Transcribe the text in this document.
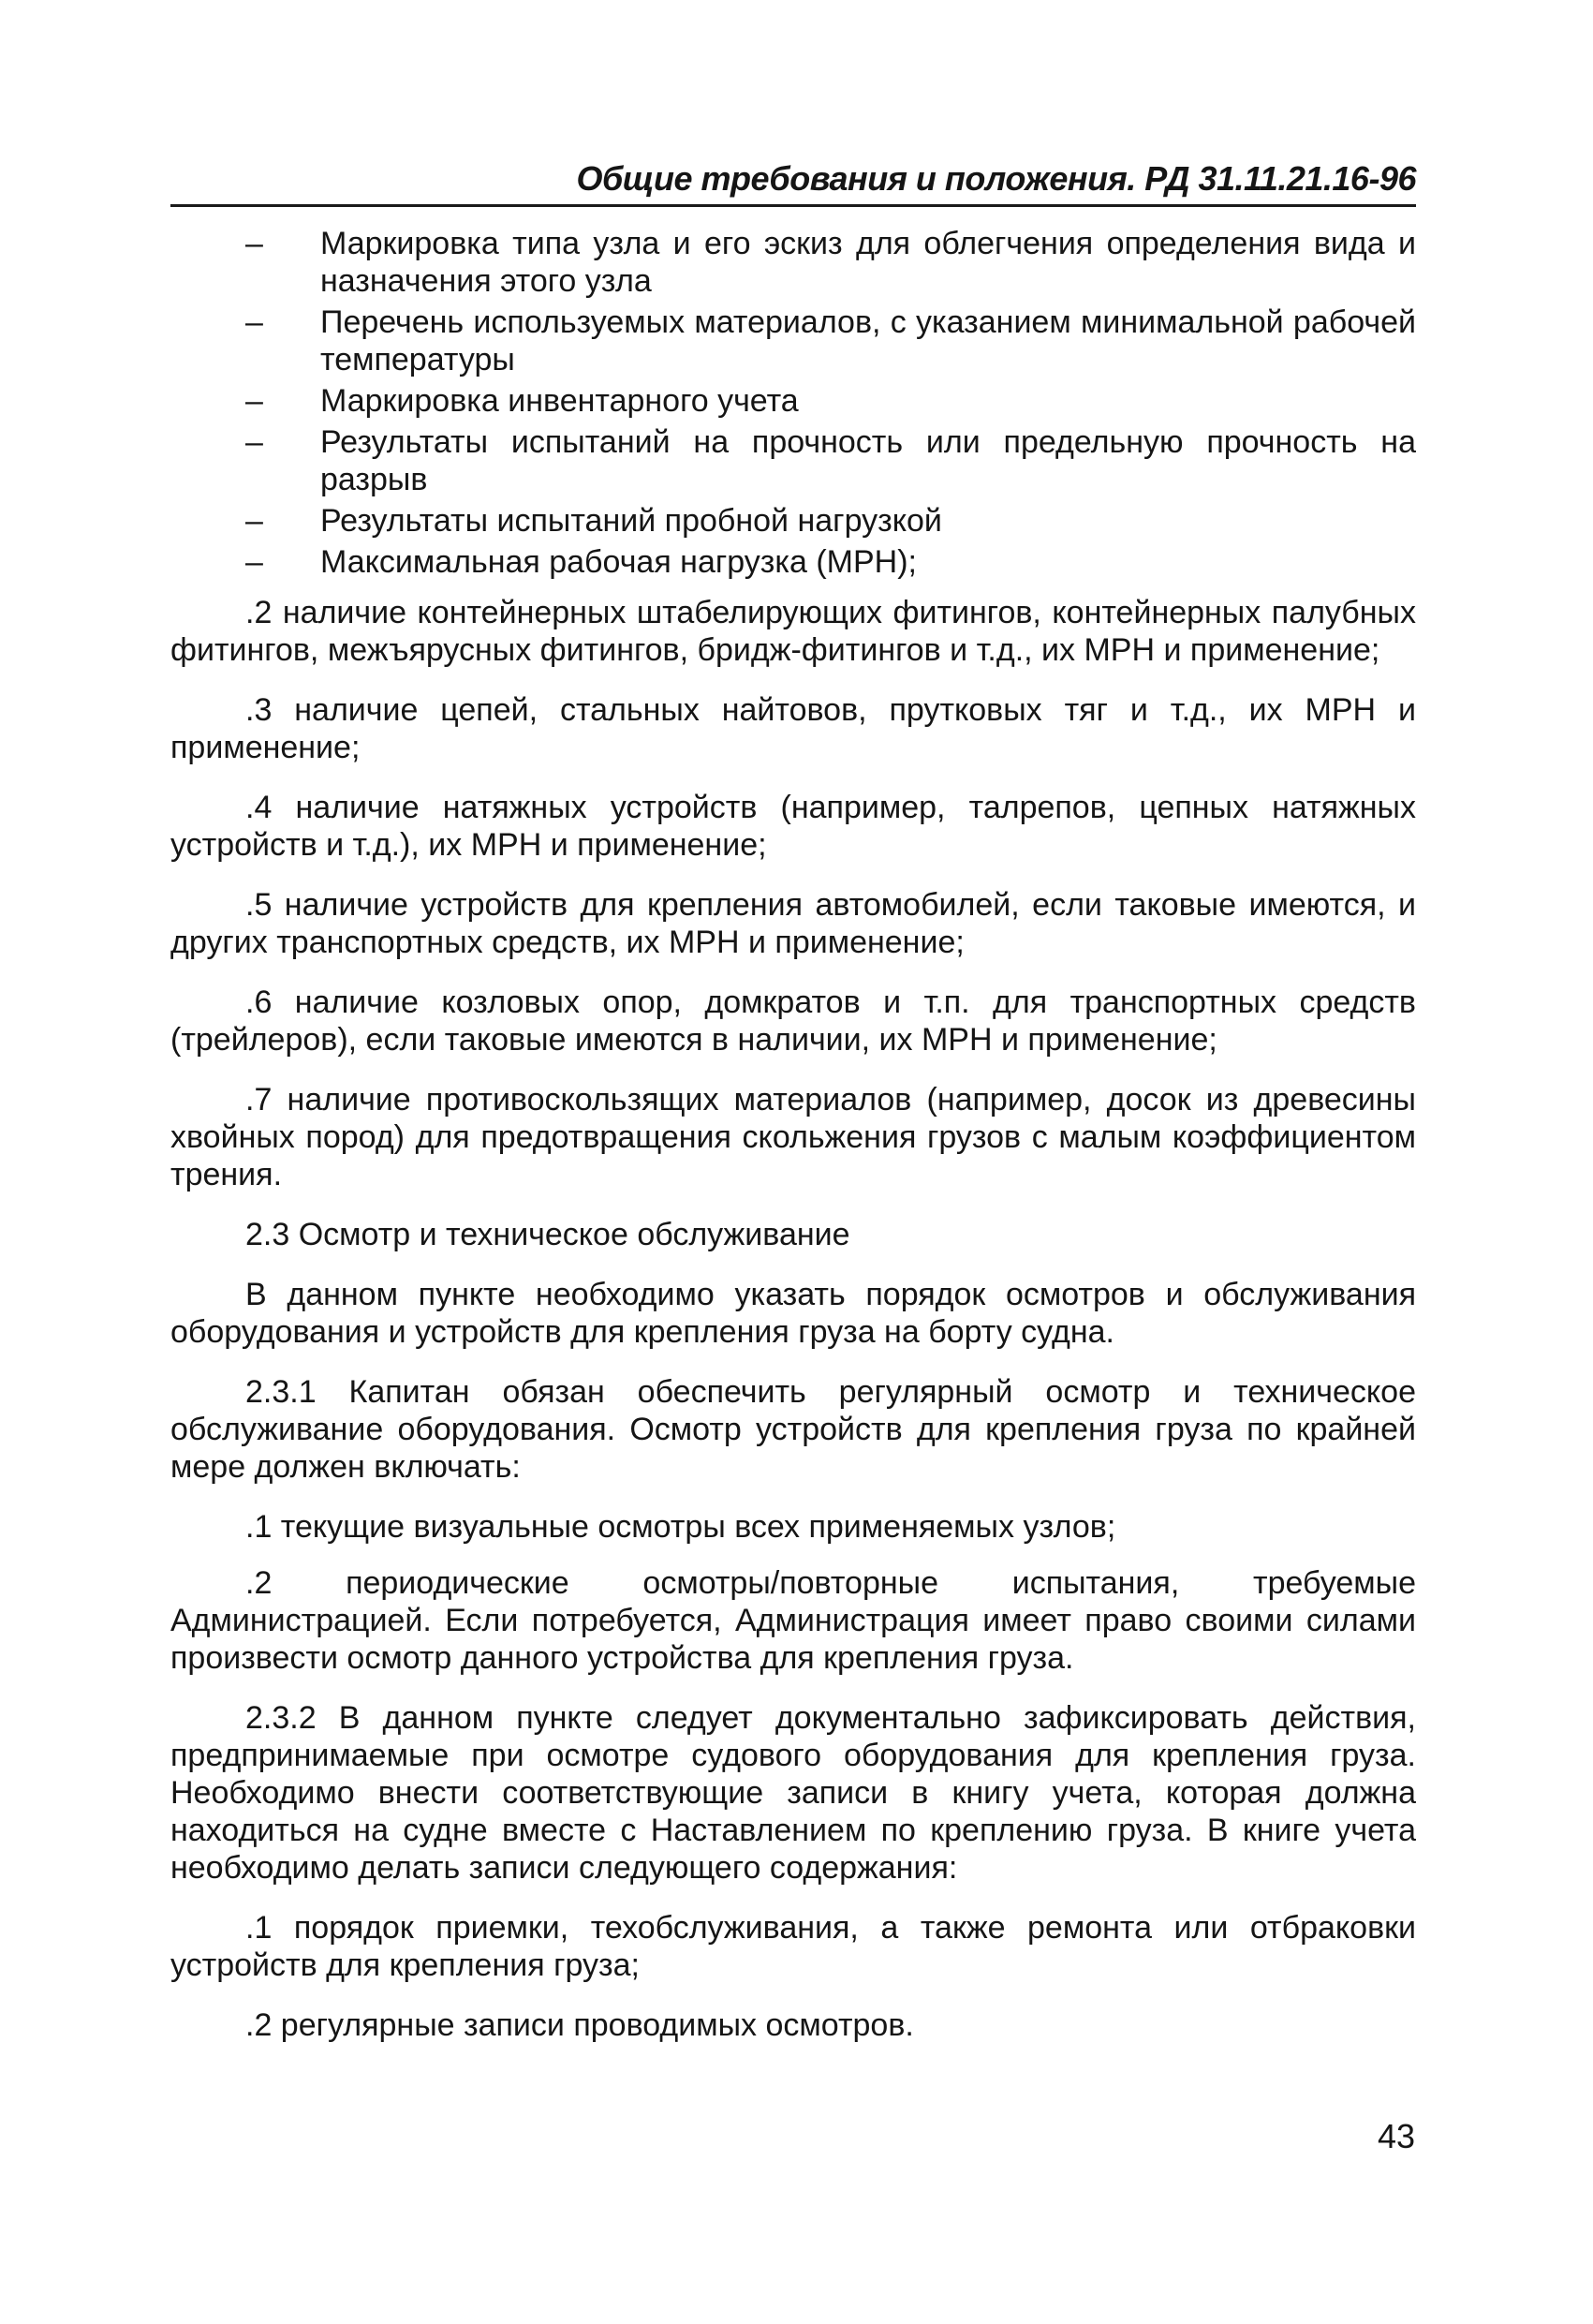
Общие требования и положения. РД 31.11.21.16-96
– Маркировка типа узла и его эскиз для облегчения определения вида и назначения этого узла
– Перечень используемых материалов, с указанием минимальной рабочей температуры
– Маркировка инвентарного учета
– Результаты испытаний на прочность или предельную прочность на разрыв
– Результаты испытаний пробной нагрузкой
– Максимальная рабочая нагрузка (МРН);

.2 наличие контейнерных штабелирующих фитингов, контейнерных палубных фитингов, межъярусных фитингов, бридж-фитингов и т.д., их МРН и применение;

.3 наличие цепей, стальных найтовов, прутковых тяг и т.д., их МРН и применение;

.4 наличие натяжных устройств (например, талрепов, цепных натяжных устройств и т.д.), их МРН и применение;

.5 наличие устройств для крепления автомобилей, если таковые имеются, и других транспортных средств, их МРН и применение;

.6 наличие козловых опор, домкратов и т.п. для транспортных средств (трейлеров), если таковые имеются в наличии, их МРН и применение;

.7 наличие противоскользящих материалов (например, досок из древесины хвойных пород) для предотвращения скольжения грузов с малым коэффициентом трения.

2.3 Осмотр и техническое обслуживание

В данном пункте необходимо указать порядок осмотров и обслуживания оборудования и устройств для крепления груза на борту судна.

2.3.1 Капитан обязан обеспечить регулярный осмотр и техническое обслуживание оборудования. Осмотр устройств для крепления груза по крайней мере должен включать:

.1 текущие визуальные осмотры всех применяемых узлов;

.2 периодические осмотры/повторные испытания, требуемые Администрацией. Если потребуется, Администрация имеет право своими силами произвести осмотр данного устройства для крепления груза.

2.3.2 В данном пункте следует документально зафиксировать действия, предпринимаемые при осмотре судового оборудования для крепления груза. Необходимо внести соответствующие записи в книгу учета, которая должна находиться на судне вместе с Наставлением по креплению груза. В книге учета необходимо делать записи следующего содержания:

.1 порядок приемки, техобслуживания, а также ремонта или отбраковки устройств для крепления груза;

.2 регулярные записи проводимых осмотров.

43
